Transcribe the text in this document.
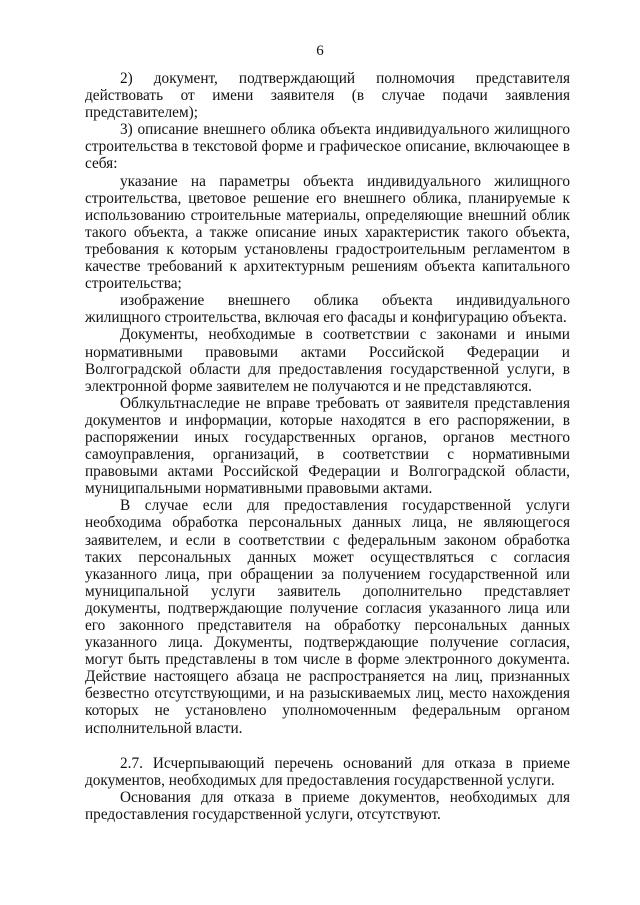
6

2) документ, подтверждающий полномочия представителя действовать от имени заявителя (в случае подачи заявления представителем);

3) описание внешнего облика объекта индивидуального жилищного строительства в текстовой форме и графическое описание, включающее в себя:

указание на параметры объекта индивидуального жилищного строительства, цветовое решение его внешнего облика, планируемые к использованию строительные материалы, определяющие внешний облик такого объекта, а также описание иных характеристик такого объекта, требования к которым установлены градостроительным регламентом в качестве требований к архитектурным решениям объекта капитального строительства;

изображение внешнего облика объекта индивидуального жилищного строительства, включая его фасады и конфигурацию объекта.

Документы, необходимые в соответствии с законами и иными нормативными правовыми актами Российской Федерации и Волгоградской области для предоставления государственной услуги, в электронной форме заявителем не получаются и не представляются.

Облкультнаследие не вправе требовать от заявителя представления документов и информации, которые находятся в его распоряжении, в распоряжении иных государственных органов, органов местного самоуправления, организаций, в соответствии с нормативными правовыми актами Российской Федерации и Волгоградской области, муниципальными нормативными правовыми актами.

В случае если для предоставления государственной услуги необходима обработка персональных данных лица, не являющегося заявителем, и если в соответствии с федеральным законом обработка таких персональных данных может осуществляться с согласия указанного лица, при обращении за получением государственной или муниципальной услуги заявитель дополнительно представляет документы, подтверждающие получение согласия указанного лица или его законного представителя на обработку персональных данных указанного лица. Документы, подтверждающие получение согласия, могут быть представлены в том числе в форме электронного документа. Действие настоящего абзаца не распространяется на лиц, признанных безвестно отсутствующими, и на разыскиваемых лиц, место нахождения которых не установлено уполномоченным федеральным органом исполнительной власти.

2.7. Исчерпывающий перечень оснований для отказа в приеме документов, необходимых для предоставления государственной услуги.

Основания для отказа в приеме документов, необходимых для предоставления государственной услуги, отсутствуют.
